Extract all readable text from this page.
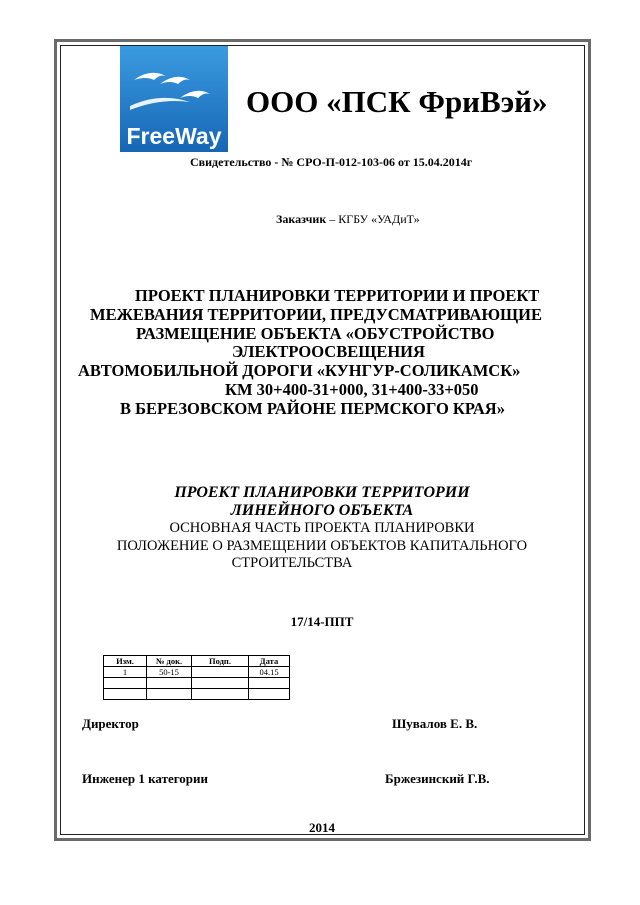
FreeWay
ООО «ПСК ФриВэй»
Свидетельство - № СРО-П-012-103-06 от 15.04.2014г
Заказчик – КГБУ «УАДиТ»
ПРОЕКТ ПЛАНИРОВКИ ТЕРРИТОРИИ И ПРОЕКТ
МЕЖЕВАНИЯ ТЕРРИТОРИИ, ПРЕДУСМАТРИВАЮЩИЕ
РАЗМЕЩЕНИЕ ОБЪЕКТА «ОБУСТРОЙСТВО
ЭЛЕКТРООСВЕЩЕНИЯ
АВТОМОБИЛЬНОЙ ДОРОГИ «КУНГУР-СОЛИКАМСК»
КМ 30+400-31+000, 31+400-33+050
В БЕРЕЗОВСКОМ РАЙОНЕ ПЕРМСКОГО КРАЯ»
ПРОЕКТ ПЛАНИРОВКИ ТЕРРИТОРИИ
ЛИНЕЙНОГО ОБЪЕКТА
ОСНОВНАЯ ЧАСТЬ ПРОЕКТА ПЛАНИРОВКИ
ПОЛОЖЕНИЕ О РАЗМЕЩЕНИИ ОБЪЕКТОВ КАПИТАЛЬНОГО
СТРОИТЕЛЬСТВА
17/14-ППТ
Изм.	№ док.	Подп.	Дата
1	50-15		04.15

Директор	Шувалов Е. В.
Инженер 1 категории	Бржезинский Г.В.
2014
